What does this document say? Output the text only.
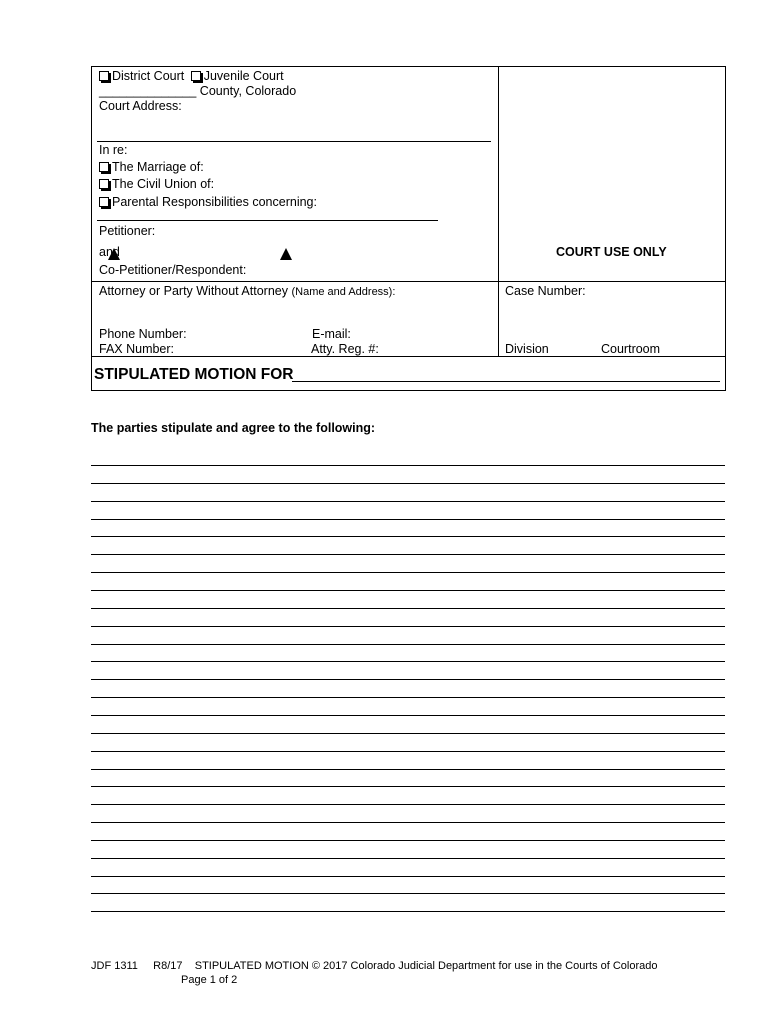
District Court Juvenile Court
______________ County, Colorado
Court Address:
In re:
The Marriage of:
The Civil Union of:
Parental Responsibilities concerning:
Petitioner:
and
Co-Petitioner/Respondent:
COURT USE ONLY
Attorney or Party Without Attorney (Name and Address):
Phone Number:	E-mail:
FAX Number:	Atty. Reg. #:
Case Number:
Division	Courtroom
STIPULATED MOTION FOR
The parties stipulate and agree to the following:
JDF 1311     R8/17    STIPULATED MOTION © 2017 Colorado Judicial Department for use in the Courts of Colorado
Page 1 of 2
